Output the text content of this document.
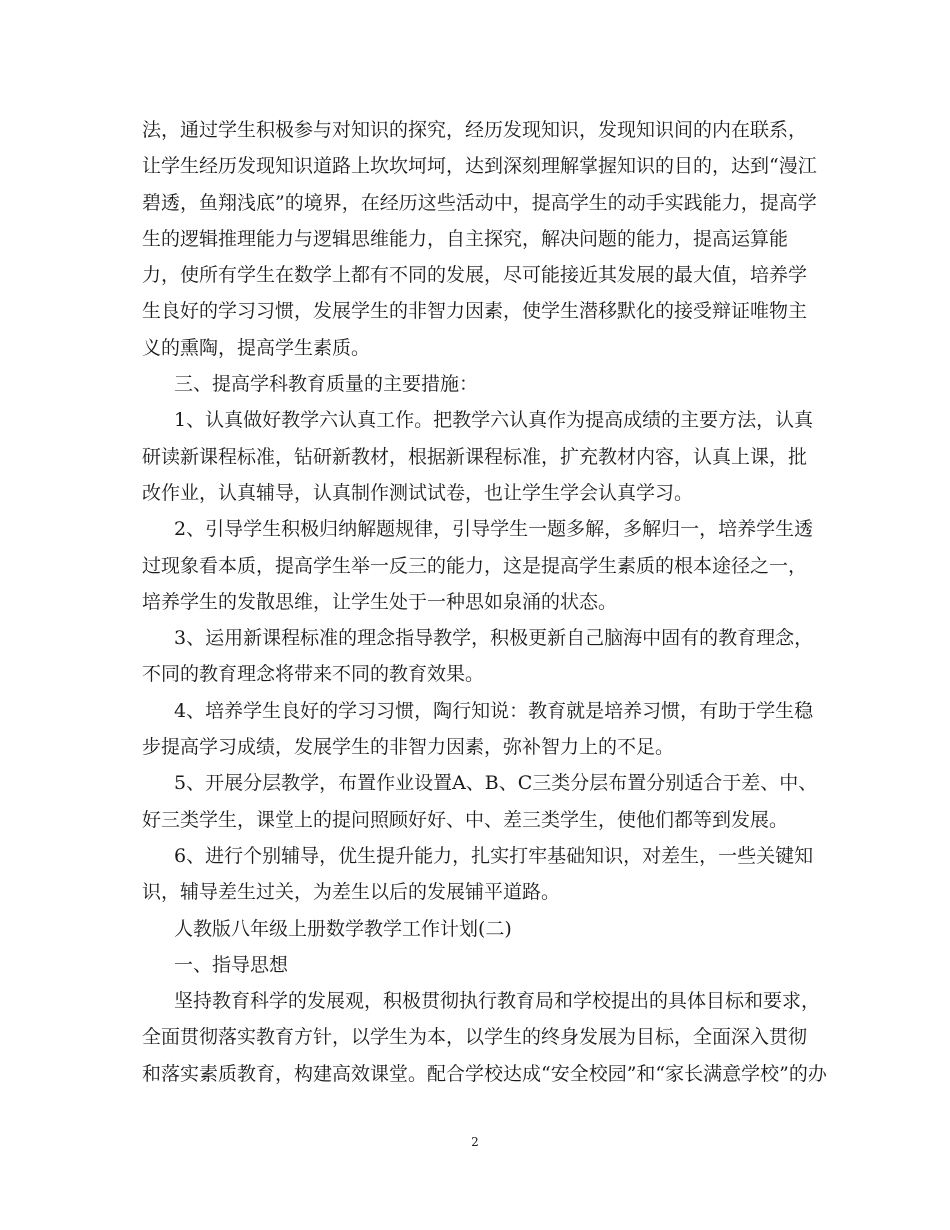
法，通过学生积极参与对知识的探究，经历发现知识，发现知识间的内在联系，
让学生经历发现知识道路上坎坎坷坷，达到深刻理解掌握知识的目的，达到“漫江
碧透，鱼翔浅底”的境界，在经历这些活动中，提高学生的动手实践能力，提高学
生的逻辑推理能力与逻辑思维能力，自主探究，解决问题的能力，提高运算能
力，使所有学生在数学上都有不同的发展，尽可能接近其发展的最大值，培养学
生良好的学习习惯，发展学生的非智力因素，使学生潜移默化的接受辩证唯物主
义的熏陶，提高学生素质。
三、提高学科教育质量的主要措施：
1、认真做好教学六认真工作。把教学六认真作为提高成绩的主要方法，认真
研读新课程标准，钻研新教材，根据新课程标准，扩充教材内容，认真上课，批
改作业，认真辅导，认真制作测试试卷，也让学生学会认真学习。
2、引导学生积极归纳解题规律，引导学生一题多解，多解归一，培养学生透
过现象看本质，提高学生举一反三的能力，这是提高学生素质的根本途径之一，
培养学生的发散思维，让学生处于一种思如泉涌的状态。
3、运用新课程标准的理念指导教学，积极更新自己脑海中固有的教育理念，
不同的教育理念将带来不同的教育效果。
4、培养学生良好的学习习惯，陶行知说：教育就是培养习惯，有助于学生稳
步提高学习成绩，发展学生的非智力因素，弥补智力上的不足。
5、开展分层教学，布置作业设置A、B、C三类分层布置分别适合于差、中、
好三类学生，课堂上的提问照顾好好、中、差三类学生，使他们都等到发展。
6、进行个别辅导，优生提升能力，扎实打牢基础知识，对差生，一些关键知
识，辅导差生过关，为差生以后的发展铺平道路。
人教版八年级上册数学教学工作计划(二)
一、指导思想
坚持教育科学的发展观，积极贯彻执行教育局和学校提出的具体目标和要求，
全面贯彻落实教育方针，以学生为本，以学生的终身发展为目标，全面深入贯彻
和落实素质教育，构建高效课堂。配合学校达成“安全校园”和“家长满意学校”的办
2
